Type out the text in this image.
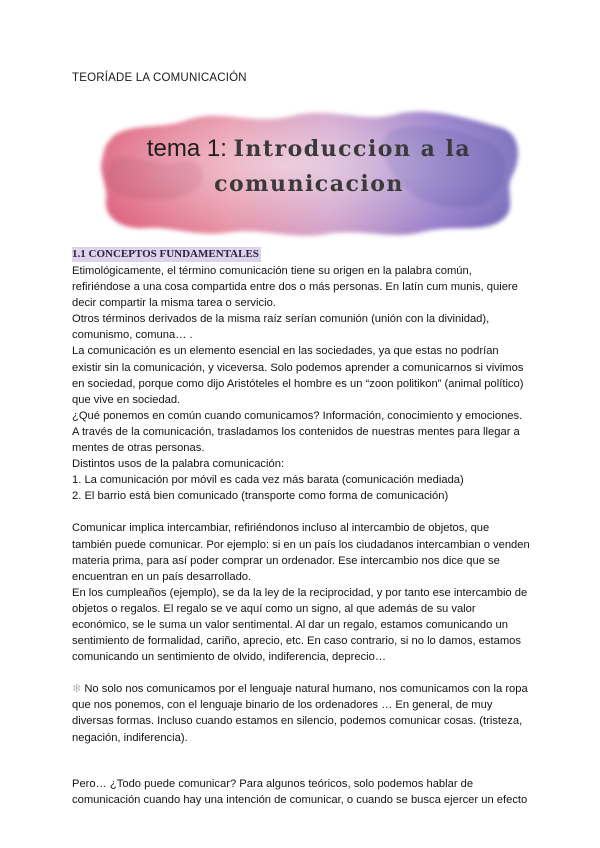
TEORÍADE LA COMUNICACIÓN
tema 1: Introduccion a la comunicacion
1.1 CONCEPTOS FUNDAMENTALES

Etimológicamente, el término comunicación tiene su origen en la palabra común, refiriéndose a una cosa compartida entre dos o más personas. En latín cum munis, quiere decir compartir la misma tarea o servicio.

Otros términos derivados de la misma raíz serían comunión (unión con la divinidad), comunismo, comuna… .

La comunicación es un elemento esencial en las sociedades, ya que estas no podrían existir sin la comunicación, y viceversa. Solo podemos aprender a comunicarnos si vivimos en sociedad, porque como dijo Aristóteles el hombre es un “zoon politikon” (animal político) que vive en sociedad.

¿Qué ponemos en común cuando comunicamos? Información, conocimiento y emociones.

A través de la comunicación, trasladamos los contenidos de nuestras mentes para llegar a mentes de otras personas.

Distintos usos de la palabra comunicación:

1. La comunicación por móvil es cada vez más barata (comunicación mediada)

2. El barrio está bien comunicado (transporte como forma de comunicación)

Comunicar implica intercambiar, refiriéndonos incluso al intercambio de objetos, que también puede comunicar. Por ejemplo: si en un país los ciudadanos intercambian o venden materia prima, para así poder comprar un ordenador. Ese intercambio nos dice que se encuentran en un país desarrollado.

En los cumpleaños (ejemplo), se da la ley de la reciprocidad, y por tanto ese intercambio de objetos o regalos. El regalo se ve aquí como un signo, al que además de su valor económico, se le suma un valor sentimental. Al dar un regalo, estamos comunicando un sentimiento de formalidad, cariño, aprecio, etc. En caso contrario, si no lo damos, estamos comunicando un sentimiento de olvido, indiferencia, deprecio…

✻ No solo nos comunicamos por el lenguaje natural humano, nos comunicamos con la ropa que nos ponemos, con el lenguaje binario de los ordenadores … En general, de muy diversas formas. Incluso cuando estamos en silencio, podemos comunicar cosas. (tristeza, negación, indiferencia).

Pero… ¿Todo puede comunicar? Para algunos teóricos, solo podemos hablar de comunicación cuando hay una intención de comunicar, o cuando se busca ejercer un efecto
